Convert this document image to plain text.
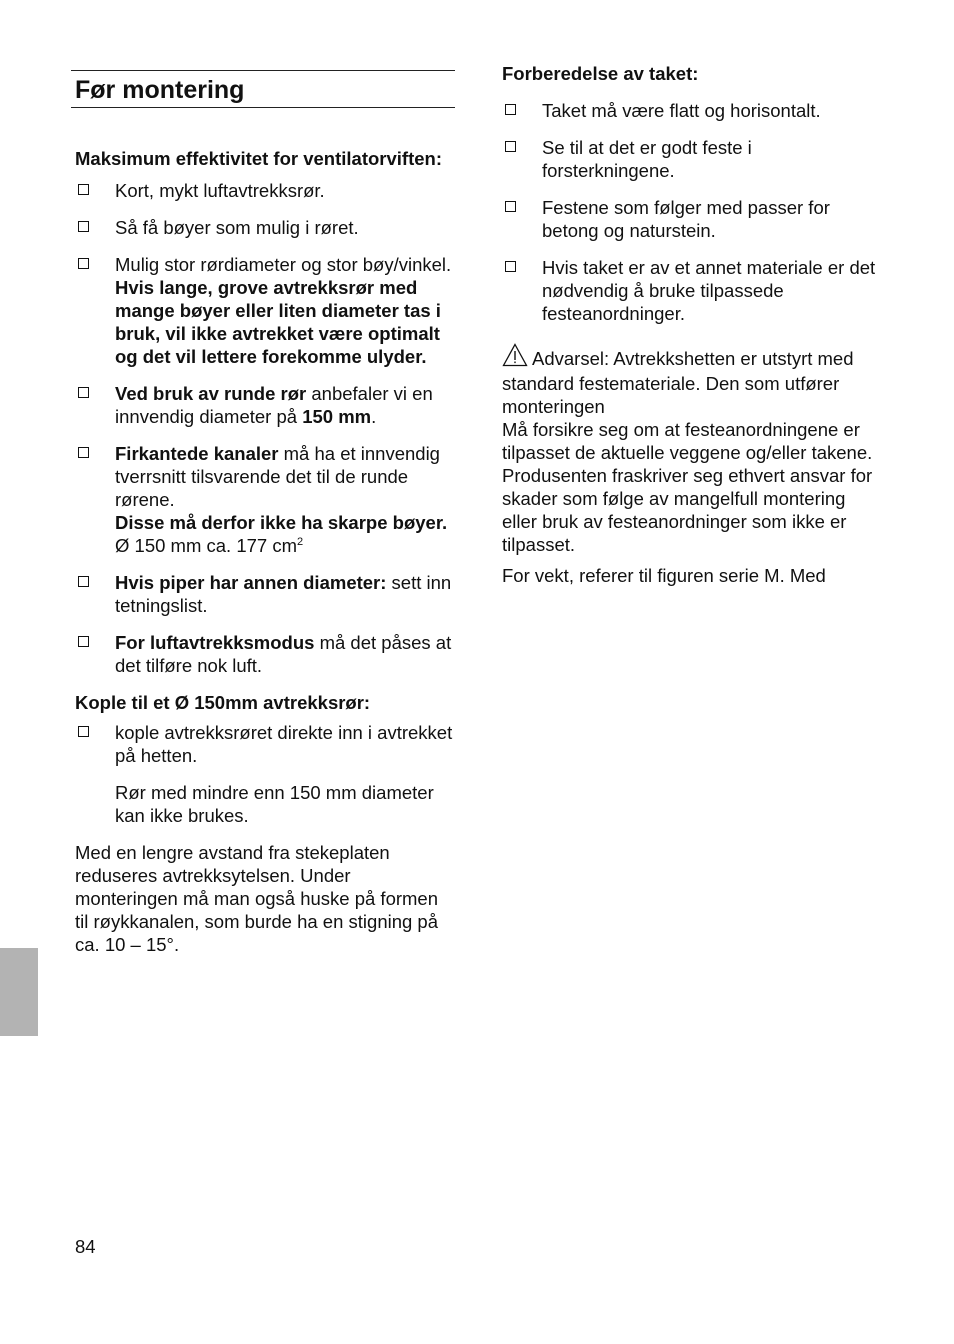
Før montering

Maksimum effektivitet for ventilatorviften:

Kort, mykt luftavtrekksrør.
Så få bøyer som mulig i røret.
Mulig stor rørdiameter og stor bøy/vinkel.
Hvis lange, grove avtrekksrør med mange bøyer eller liten diameter tas i bruk, vil ikke avtrekket være optimalt og det vil lettere forekomme ulyder.
Ved bruk av runde rør anbefaler vi en innvendig diameter på 150 mm.
Firkantede kanaler må ha et innvendig tverrsnitt tilsvarende det til de runde rørene.
Disse må derfor ikke ha skarpe bøyer.
Ø 150 mm ca. 177 $cm^2$
Hvis piper har annen diameter: sett inn tetningslist.
For luftavtrekksmodus må det påses at det tilføre nok luft.

Kople til et Ø 150mm avtrekksrør:

kople avtrekksrøret direkte inn i avtrekket på hetten.
Rør med mindre enn 150 mm diameter kan ikke brukes.
Med en lengre avstand fra stekeplaten reduseres avtrekksytelsen. Under monteringen må man også huske på formen til røykkanalen, som burde ha en stigning på ca. 10 – 15°.

Forberedelse av taket:

Taket må være flatt og horisontalt.
Se til at det er godt feste i forsterkningene.
Festene som følger med passer for betong og naturstein.
Hvis taket er av et annet materiale er det nødvendig å bruke tilpassede festeanordninger.
Advarsel: Avtrekkshetten er utstyrt med standard festemateriale. Den som utfører monteringen
Må forsikre seg om at festeanordningene er tilpasset de aktuelle veggene og/eller takene. Produsenten fraskriver seg ethvert ansvar for skader som følge av mangelfull montering eller bruk av festeanordninger som ikke er tilpasset.
For vekt, referer til figuren serie M. Med
84
